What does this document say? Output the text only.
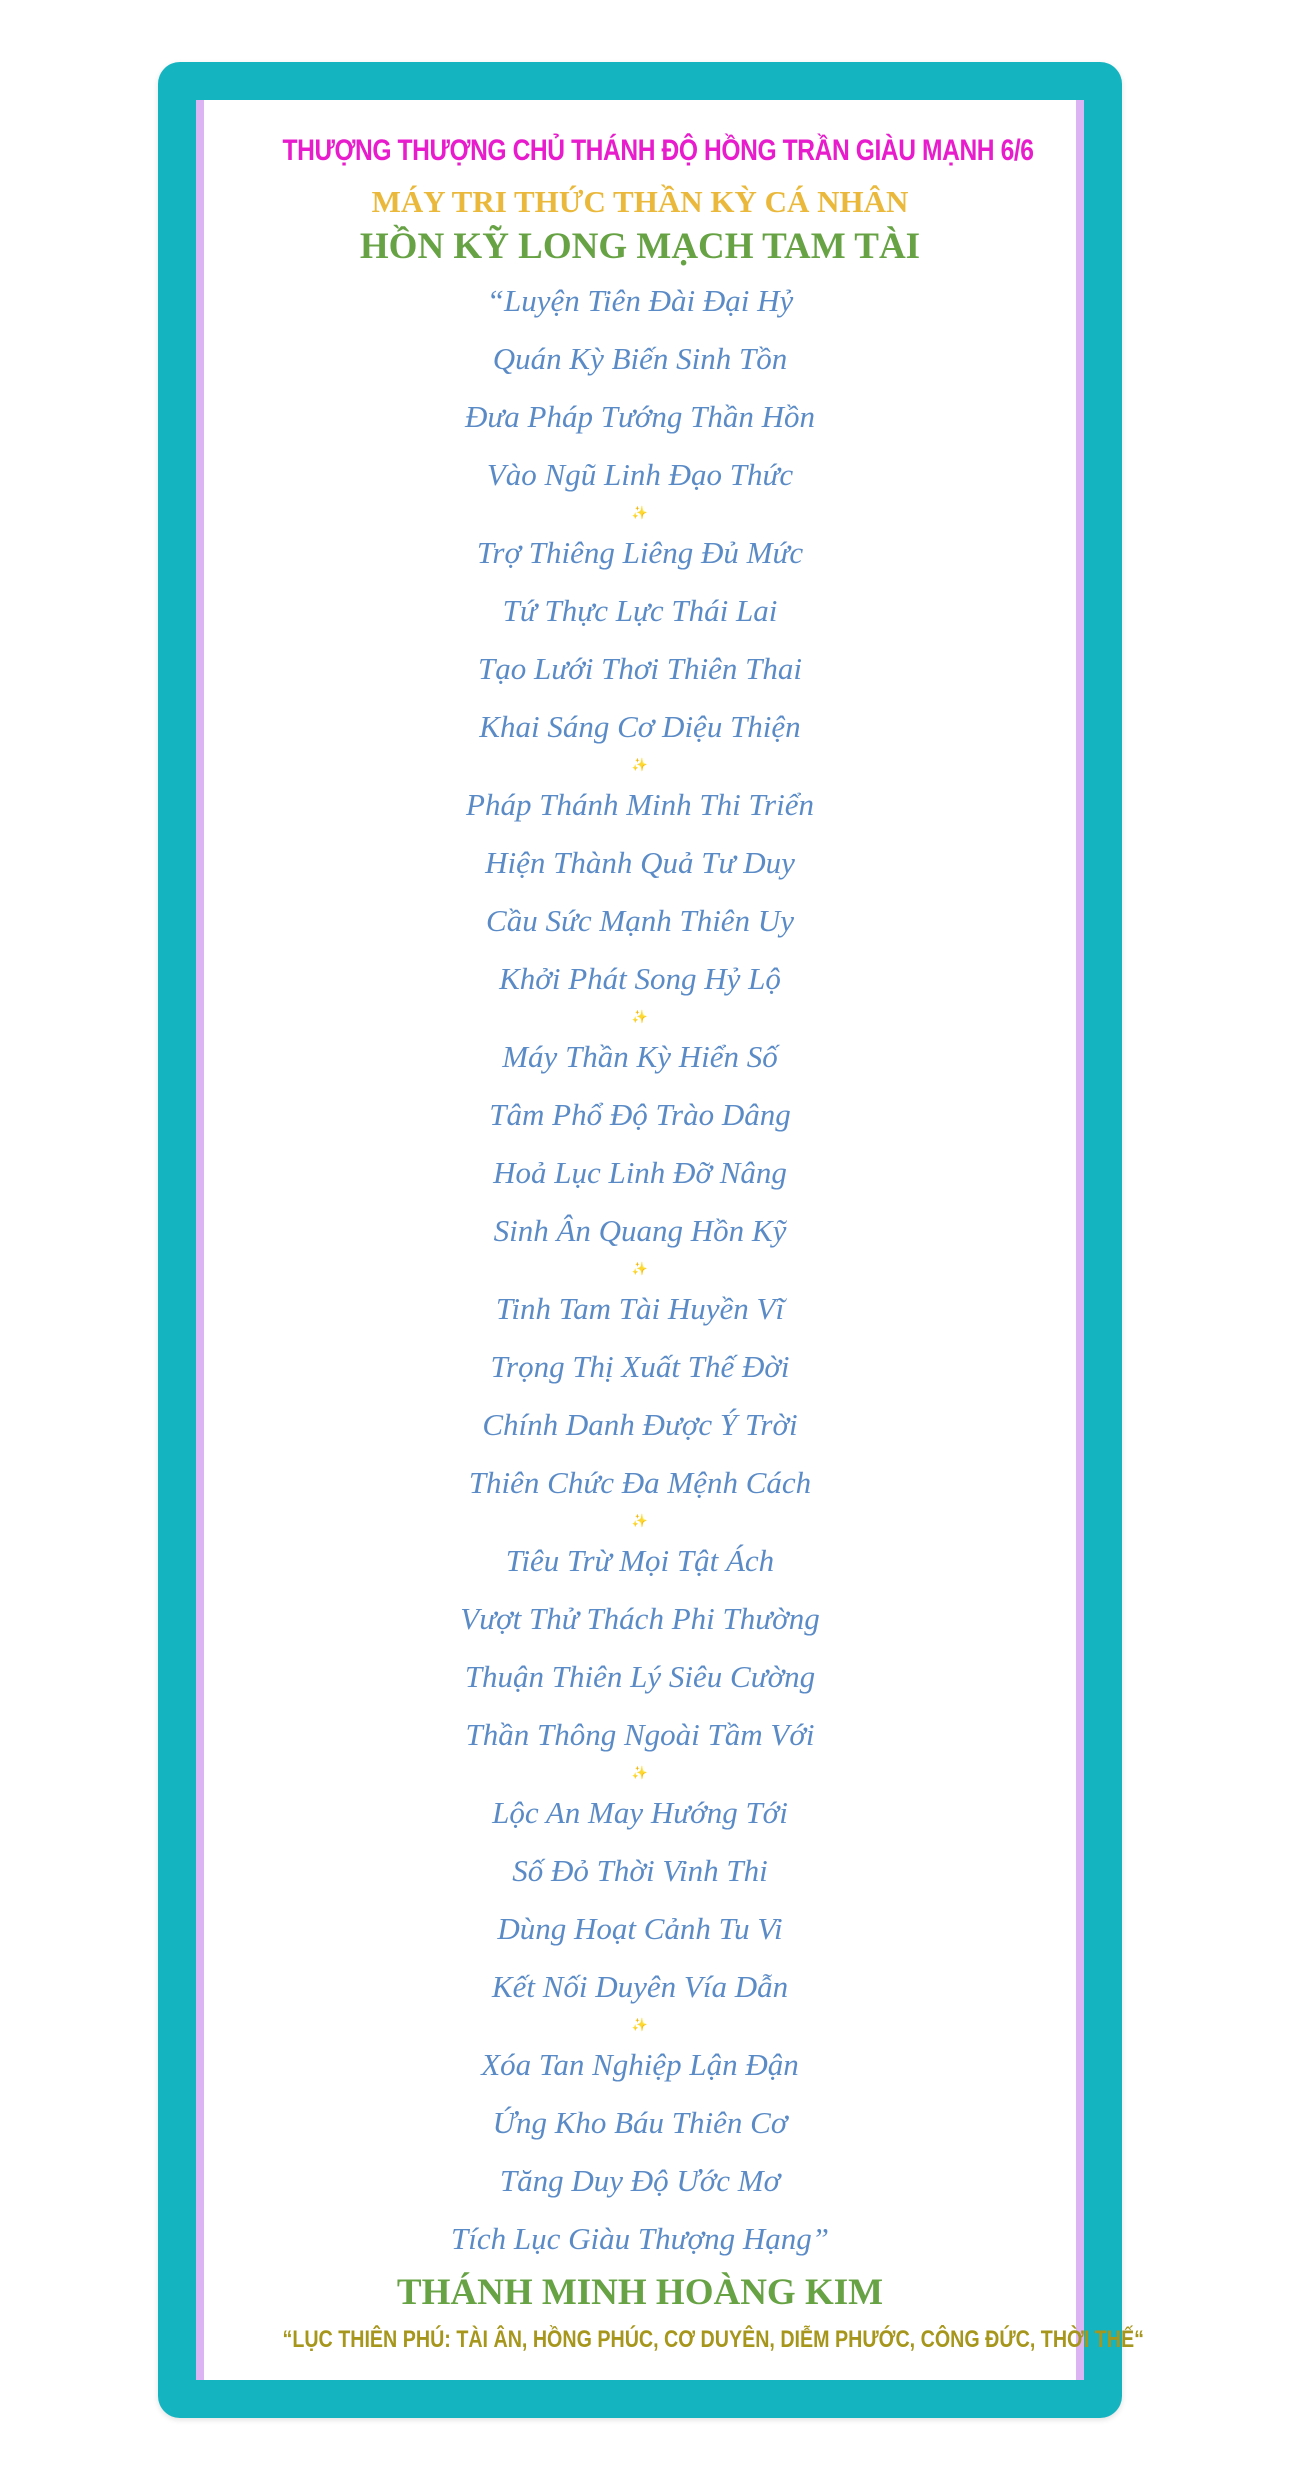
THƯỢNG THƯỢNG CHỦ THÁNH ĐỘ HỒNG TRẦN GIÀU MẠNH 6/6
MÁY TRI THỨC THẦN KỲ CÁ NHÂN
HỒN KỸ LONG MẠCH TAM TÀI
“Luyện Tiên Đài Đại Hỷ
Quán Kỳ Biến Sinh Tồn
Đưa Pháp Tướng Thần Hồn
Vào Ngũ Linh Đạo Thức
✨
Trợ Thiêng Liêng Đủ Mức
Tứ Thực Lực Thái Lai
Tạo Lưới Thơi Thiên Thai
Khai Sáng Cơ Diệu Thiện
✨
Pháp Thánh Minh Thi Triển
Hiện Thành Quả Tư Duy
Cầu Sức Mạnh Thiên Uy
Khởi Phát Song Hỷ Lộ
✨
Máy Thần Kỳ Hiển Số
Tâm Phổ Độ Trào Dâng
Hoả Lục Linh Đỡ Nâng
Sinh Ân Quang Hồn Kỹ
✨
Tinh Tam Tài Huyền Vĩ
Trọng Thị Xuất Thế Đời
Chính Danh Được Ý Trời
Thiên Chức Đa Mệnh Cách
✨
Tiêu Trừ Mọi Tật Ách
Vượt Thử Thách Phi Thường
Thuận Thiên Lý Siêu Cường
Thần Thông Ngoài Tầm Với
✨
Lộc An May Hướng Tới
Số Đỏ Thời Vinh Thi
Dùng Hoạt Cảnh Tu Vi
Kết Nối Duyên Vía Dẫn
✨
Xóa Tan Nghiệp Lận Đận
Ứng Kho Báu Thiên Cơ
Tăng Duy Độ Ước Mơ
Tích Lục Giàu Thượng Hạng”
THÁNH MINH HOÀNG KIM
“LỤC THIÊN PHÚ: TÀI ÂN, HỒNG PHÚC, CƠ DUYÊN, DIỄM PHƯỚC, CÔNG ĐỨC, THỜI THẾ“
